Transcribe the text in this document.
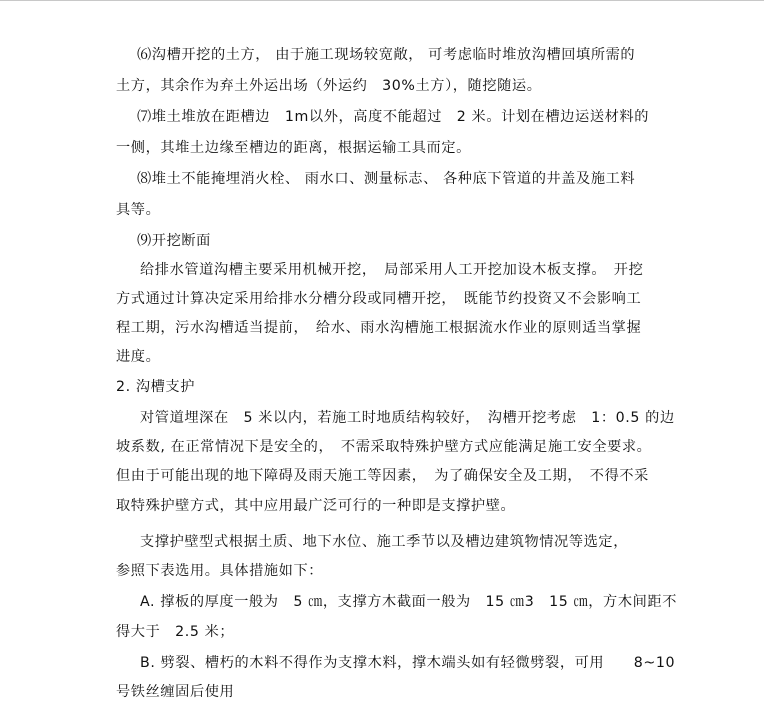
⑹沟槽开挖的土方， 由于施工现场较宽敞， 可考虑临时堆放沟槽回填所需的
土方，其余作为弃土外运出场（外运约　30%土方），随挖随运。
⑺堆土堆放在距槽边　1m以外，高度不能超过　2 米。计划在槽边运送材料的
一侧，其堆土边缘至槽边的距离，根据运输工具而定。
⑻堆土不能掩埋消火栓、 雨水口、测量标志、 各种底下管道的井盖及施工料
具等。
⑼开挖断面
给排水管道沟槽主要采用机械开挖，　局部采用人工开挖加设木板支撑。　开挖
方式通过计算决定采用给排水分槽分段或同槽开挖，　既能节约投资又不会影响工
程工期，污水沟槽适当提前，　给水、雨水沟槽施工根据流水作业的原则适当掌握
进度。
2. 沟槽支护
对管道埋深在　5 米以内，若施工时地质结构较好，　沟槽开挖考虑　1：0.5 的边
坡系数, 在正常情况下是安全的，　不需采取特殊护壁方式应能满足施工安全要求。
但由于可能出现的地下障碍及雨天施工等因素，　为了确保安全及工期，　不得不采
取特殊护壁方式，其中应用最广泛可行的一种即是支撑护壁。
支撑护壁型式根据土质、地下水位、施工季节以及槽边建筑物情况等选定，
参照下表选用。具体措施如下：
A. 撑板的厚度一般为　5 ㎝，支撑方木截面一般为　15 ㎝3　15 ㎝，方木间距不
得大于　2.5 米；
B. 劈裂、槽朽的木料不得作为支撑木料，撑木端头如有轻微劈裂，可用　　8~10
号铁丝缠固后使用
